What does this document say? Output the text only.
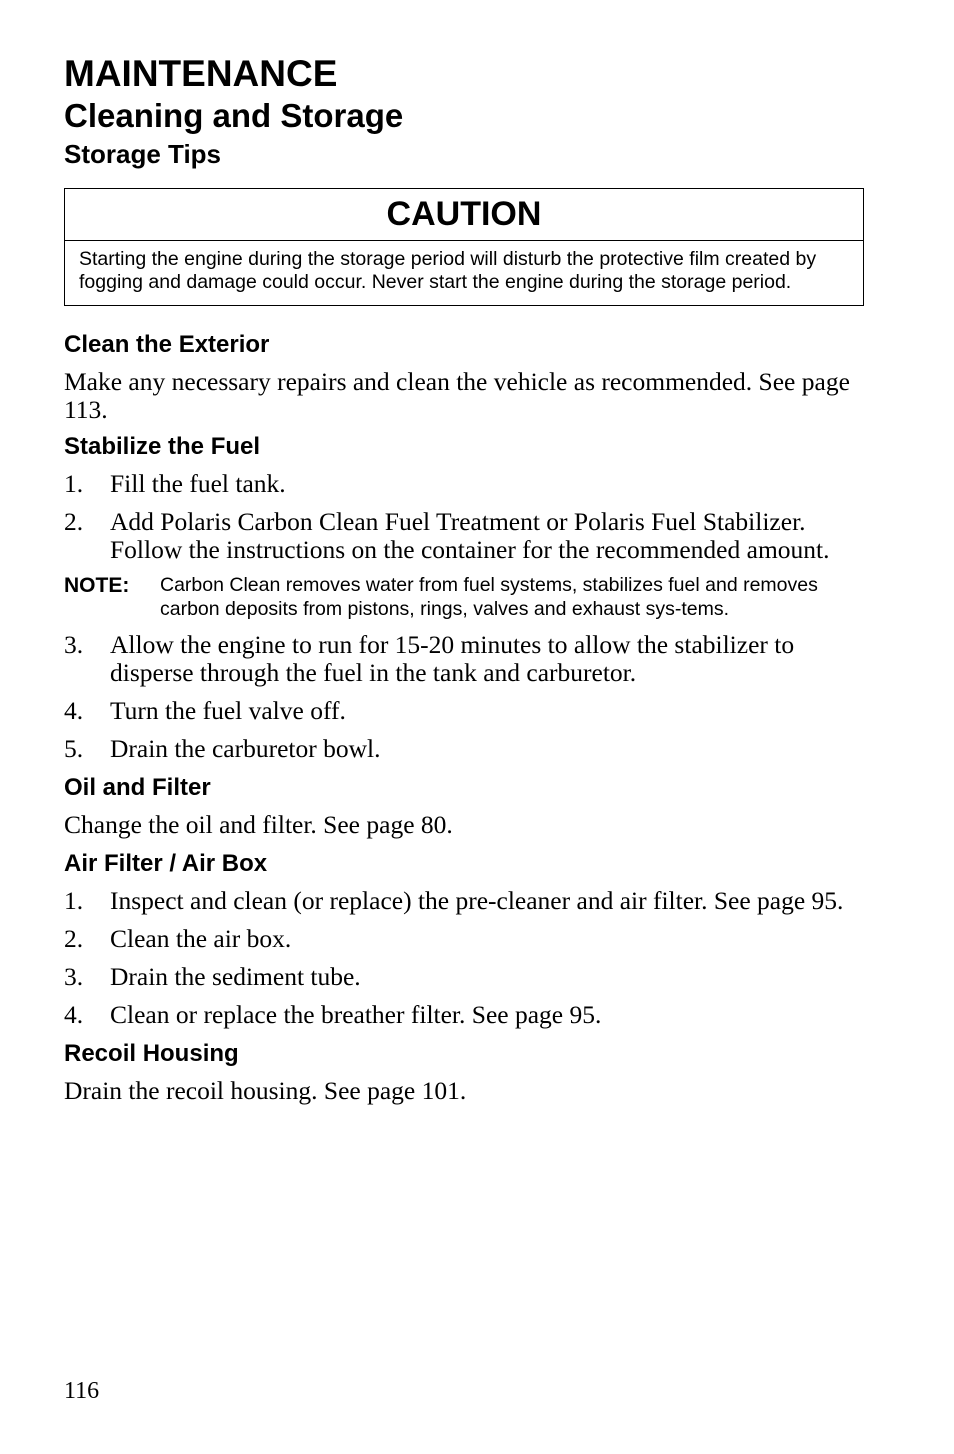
MAINTENANCE
Cleaning and Storage
Storage Tips
CAUTION
Starting the engine during the storage period will disturb the protective film created by fogging and damage could occur. Never start the engine during the storage period.
Clean the Exterior

Make any necessary repairs and clean the vehicle as recommended. See page 113.

Stabilize the Fuel
1. Fill the fuel tank.
2. Add Polaris Carbon Clean Fuel Treatment or Polaris Fuel Stabilizer. Follow the instructions on the container for the recommended amount.
NOTE: Carbon Clean removes water from fuel systems, stabilizes fuel and removes carbon deposits from pistons, rings, valves and exhaust sys-tems.
3. Allow the engine to run for 15-20 minutes to allow the stabilizer to disperse through the fuel in the tank and carburetor.
4. Turn the fuel valve off.
5. Drain the carburetor bowl.
Oil and Filter

Change the oil and filter. See page 80.

Air Filter / Air Box
1. Inspect and clean (or replace) the pre-cleaner and air filter. See page 95.
2. Clean the air box.
3. Drain the sediment tube.
4. Clean or replace the breather filter. See page 95.
Recoil Housing

Drain the recoil housing. See page 101.

116
